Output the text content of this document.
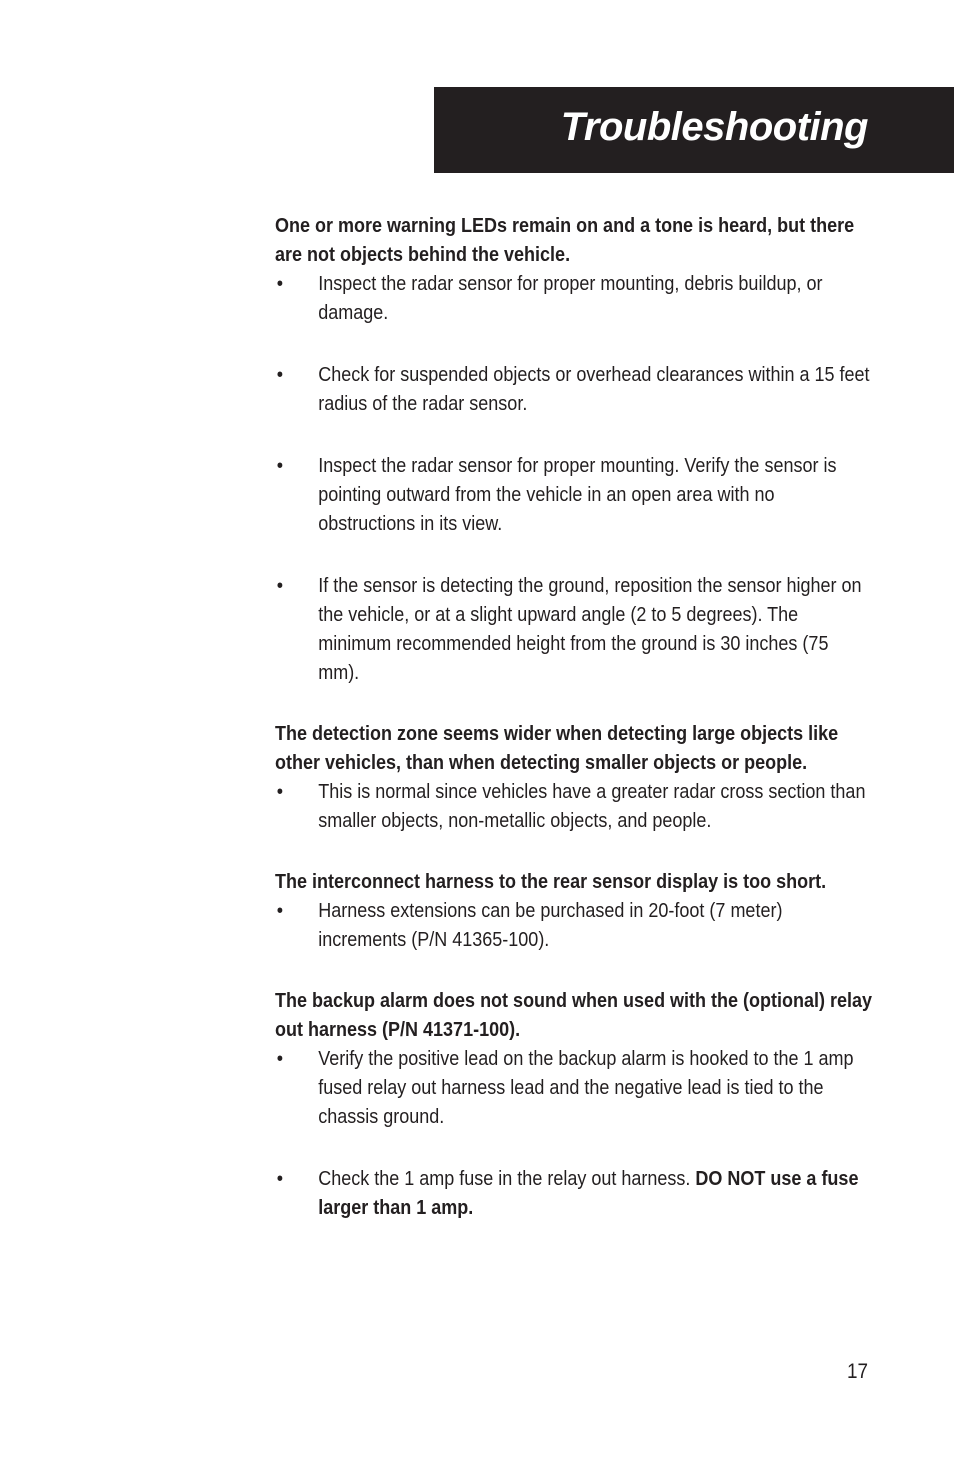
Troubleshooting

One or more warning LEDs remain on and a tone is heard, but there are not objects behind the vehicle.

• Inspect the radar sensor for proper mounting, debris buildup, or damage.
• Check for suspended objects or overhead clearances within a 15 feet radius of the radar sensor.
• Inspect the radar sensor for proper mounting. Verify the sensor is pointing outward from the vehicle in an open area with no obstructions in its view.
• If the sensor is detecting the ground, reposition the sensor higher on the vehicle, or at a slight upward angle (2 to 5 degrees). The minimum recommended height from the ground is 30 inches (75 mm).

The detection zone seems wider when detecting large objects like other vehicles, than when detecting smaller objects or people.

• This is normal since vehicles have a greater radar cross section than smaller objects, non-metallic objects, and people.

The interconnect harness to the rear sensor display is too short.

• Harness extensions can be purchased in 20-foot (7 meter) increments (P/N 41365-100).

The backup alarm does not sound when used with the (optional) relay out harness (P/N 41371-100).

• Verify the positive lead on the backup alarm is hooked to the 1 amp fused relay out harness lead and the negative lead is tied to the chassis ground.
• Check the 1 amp fuse in the relay out harness. DO NOT use a fuse larger than 1 amp.
17
